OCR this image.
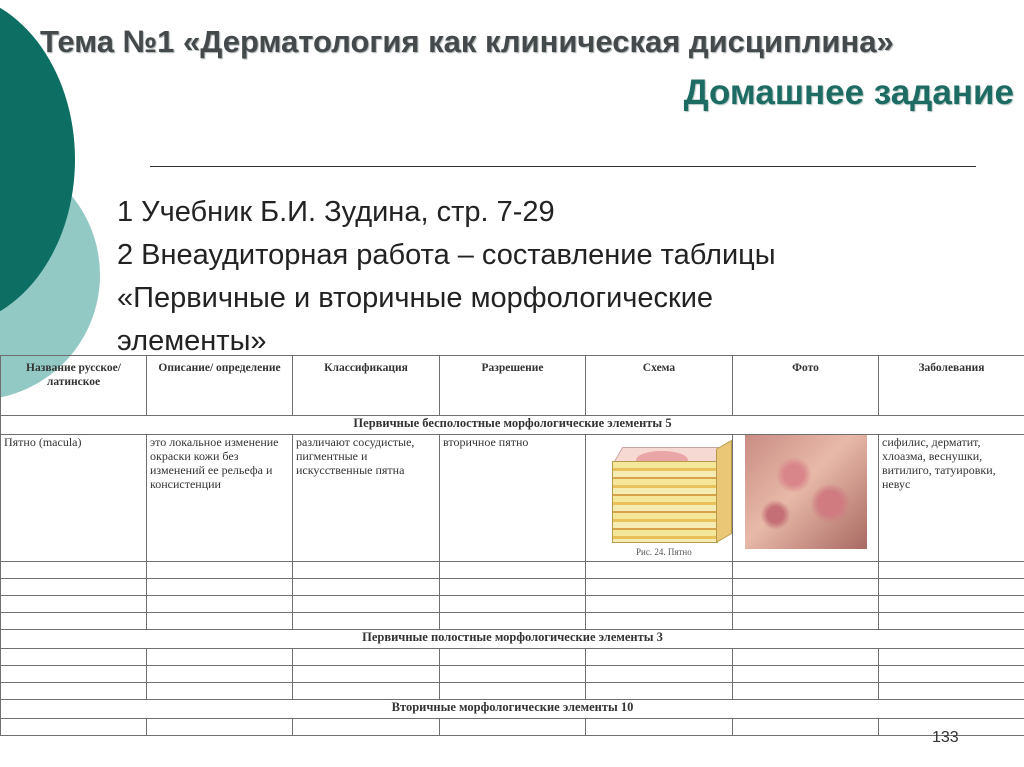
Тема №1 «Дерматология как клиническая дисциплина»
Домашнее задание
1 Учебник Б.И. Зудина, стр. 7-29
2 Внеаудиторная работа – составление таблицы
«Первичные и вторичные морфологические
элементы»
Название русское/латинское	Описание/ определение	Классификация	Разрешение	Схема	Фото	Заболевания
Первичные бесполостные морфологические элементы 5						
Пятно (macula)	это локальное изменение окраски кожи без изменений ее рельефа и консистенции	различают сосудистые, пигментные и искусственные пятна	вторичное пятно	Рис. 24. Пятно		сифилис, дерматит, хлоазма, веснушки, витилиго, татуировки, невус

Первичные полостные морфологические элементы 3						

Вторичные морфологические элементы 10						

133
